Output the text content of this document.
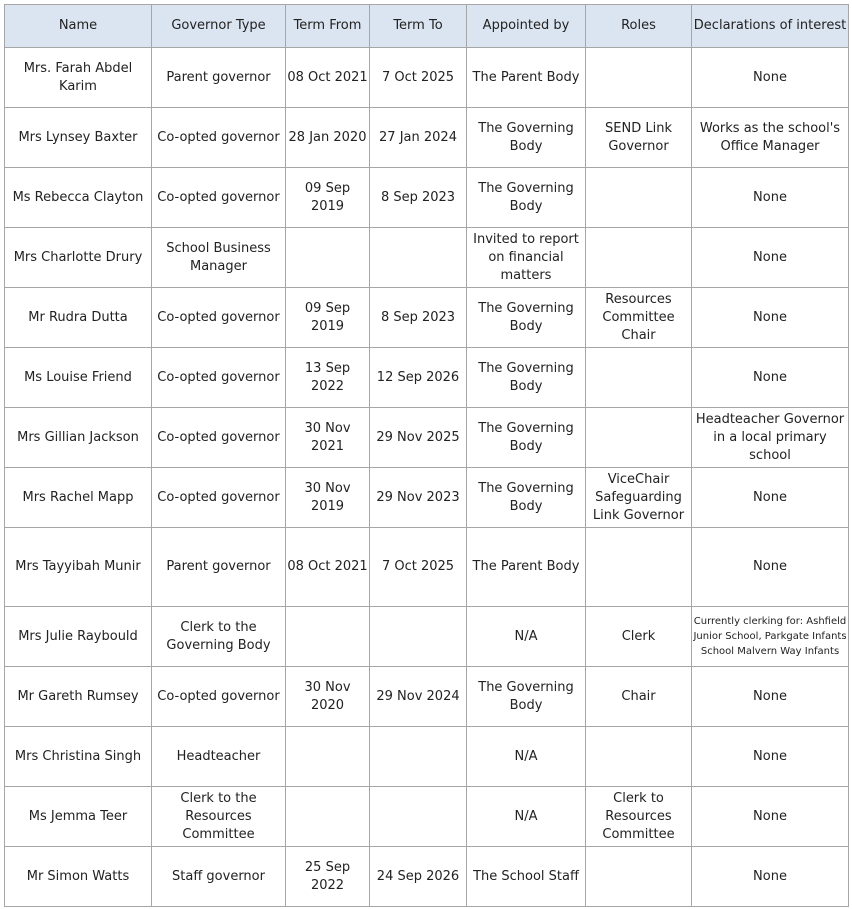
Name	Governor Type	Term From	Term To	Appointed by	Roles	Declarations of interest
Mrs. Farah Abdel Karim	Parent governor	08 Oct 2021	7 Oct 2025	The Parent Body		None
Mrs Lynsey Baxter	Co-opted governor	28 Jan 2020	27 Jan 2024	The Governing Body	SEND Link Governor	Works as the school's Office Manager
Ms Rebecca Clayton	Co-opted governor	09 Sep 2019	8 Sep 2023	The Governing Body		None
Mrs Charlotte Drury	School Business Manager			Invited to report on financial matters		None
Mr Rudra Dutta	Co-opted governor	09 Sep 2019	8 Sep 2023	The Governing Body	Resources Committee Chair	None
Ms Louise Friend	Co-opted governor	13 Sep 2022	12 Sep 2026	The Governing Body		None
Mrs Gillian Jackson	Co-opted governor	30 Nov 2021	29 Nov 2025	The Governing Body		Headteacher Governor in a local primary school
Mrs Rachel Mapp	Co-opted governor	30 Nov 2019	29 Nov 2023	The Governing Body	ViceChair Safeguarding Link Governor	None
Mrs Tayyibah Munir	Parent governor	08 Oct 2021	7 Oct 2025	The Parent Body		None
Mrs Julie Raybould	Clerk to the Governing Body			N/A	Clerk	Currently clerking for: Ashfield Junior School, Parkgate Infants School Malvern Way Infants
Mr Gareth Rumsey	Co-opted governor	30 Nov 2020	29 Nov 2024	The Governing Body	Chair	None
Mrs Christina Singh	Headteacher			N/A		None
Ms Jemma Teer	Clerk to the Resources Committee			N/A	Clerk to Resources Committee	None
Mr Simon Watts	Staff governor	25 Sep 2022	24 Sep 2026	The School Staff		None
